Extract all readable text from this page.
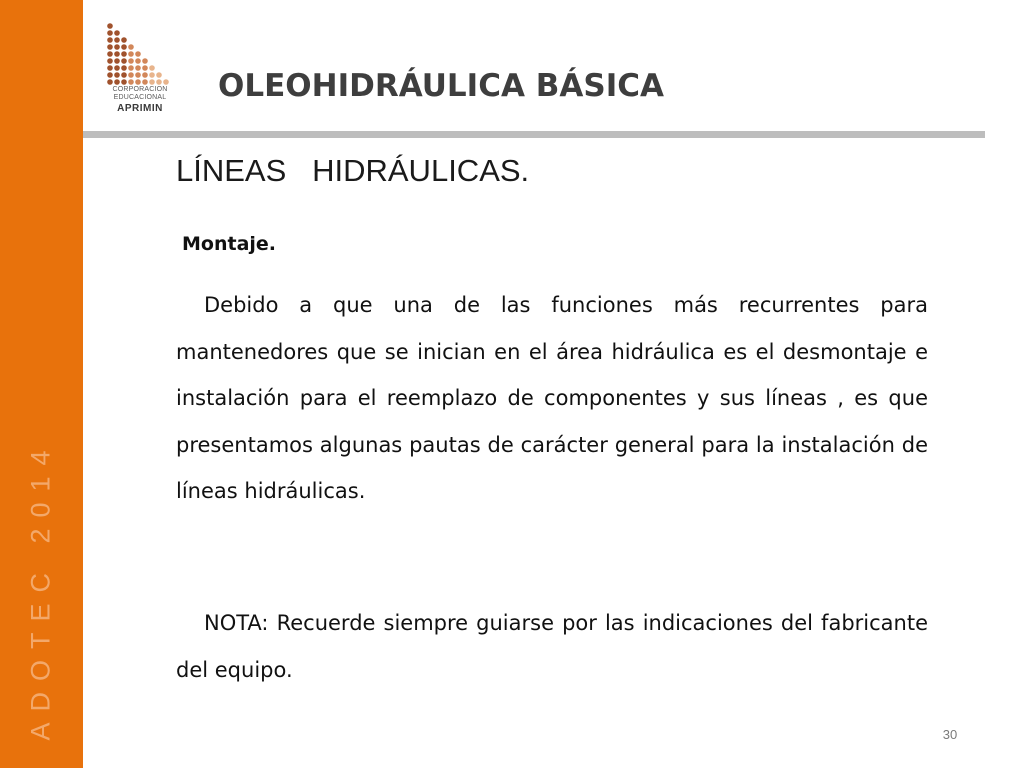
ADOTEC 2014
CORPORACION
EDUCACIONAL
APRIMIN
OLEOHIDRÁULICA BÁSICA
LÍNEAS   HIDRÁULICAS.
Montaje.

Debido a que una de las funciones más recurrentes para mantenedores que se inician en el área hidráulica es el desmontaje e instalación para el reemplazo de componentes y sus líneas , es que presentamos algunas pautas de carácter general para la instalación de líneas hidráulicas.

NOTA: Recuerde siempre guiarse por las indicaciones del fabricante del equipo.

30
